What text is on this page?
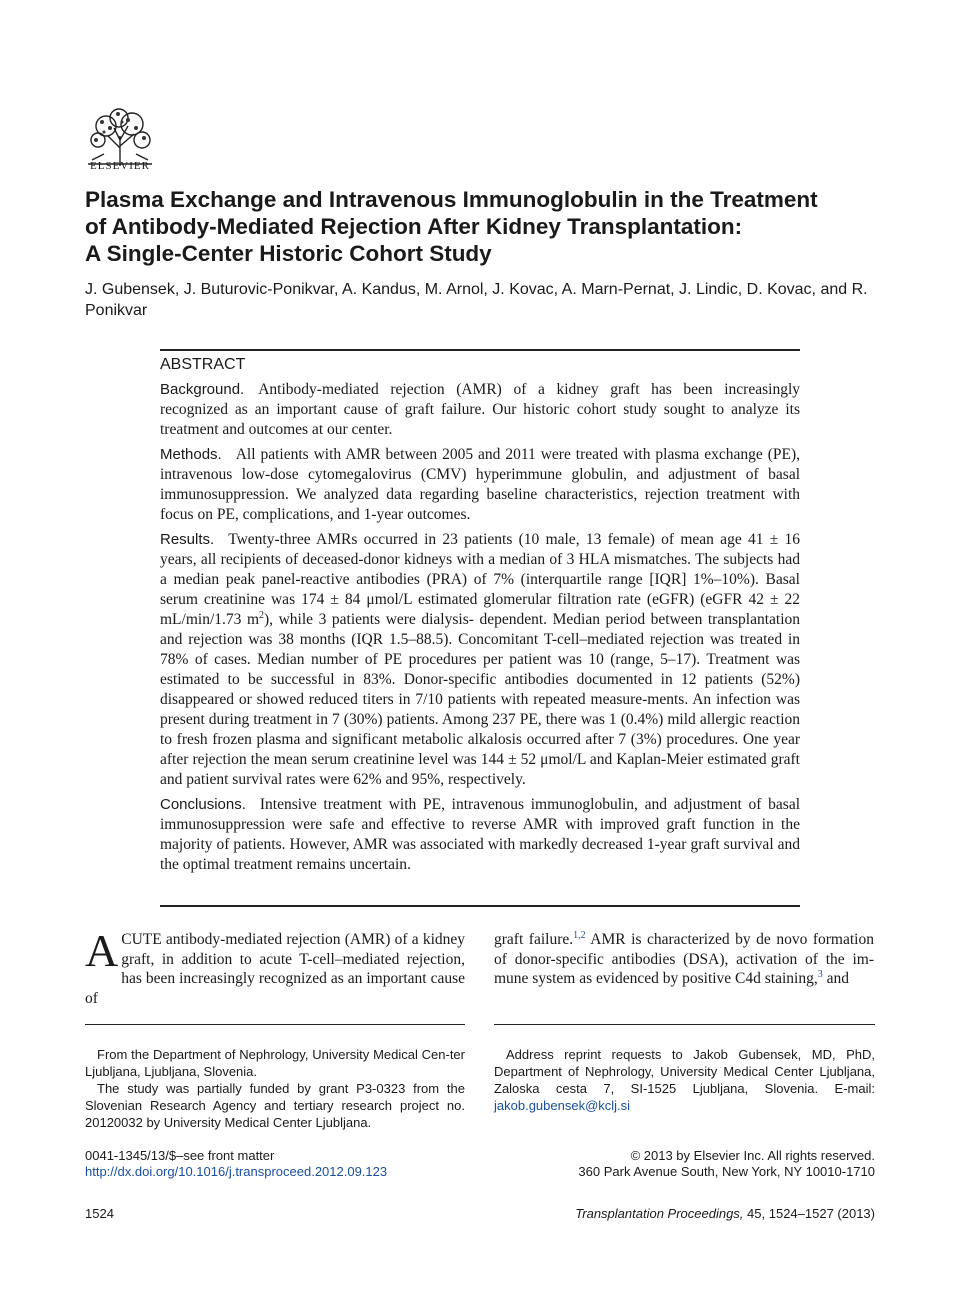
ELSEVIER
Plasma Exchange and Intravenous Immunoglobulin in the Treatment
of Antibody-Mediated Rejection After Kidney Transplantation:
A Single-Center Historic Cohort Study
J. Gubensek, J. Buturovic-Ponikvar, A. Kandus, M. Arnol, J. Kovac, A. Marn-Pernat, J. Lindic, D. Kovac, and R. Ponikvar
ABSTRACT

Background. Antibody-mediated rejection (AMR) of a kidney graft has been increasingly recognized as an important cause of graft failure. Our historic cohort study sought to analyze its treatment and outcomes at our center.

Methods. All patients with AMR between 2005 and 2011 were treated with plasma exchange (PE), intravenous low-dose cytomegalovirus (CMV) hyperimmune globulin, and adjustment of basal immunosuppression. We analyzed data regarding baseline characteristics, rejection treatment with focus on PE, complications, and 1-year outcomes.

Results. Twenty-three AMRs occurred in 23 patients (10 male, 13 female) of mean age 41 ± 16 years, all recipients of deceased-donor kidneys with a median of 3 HLA mismatches. The subjects had a median peak panel-reactive antibodies (PRA) of 7% (interquartile range [IQR] 1%–10%). Basal serum creatinine was 174 ± 84 μmol/L estimated glomerular filtration rate (eGFR) (eGFR 42 ± 22 mL/min/1.73 $m^2$), while 3 patients were dialysis- dependent. Median period between transplantation and rejection was 38 months (IQR 1.5–88.5). Concomitant T-cell–mediated rejection was treated in 78% of cases. Median number of PE procedures per patient was 10 (range, 5–17). Treatment was estimated to be successful in 83%. Donor-specific antibodies documented in 12 patients (52%) disappeared or showed reduced titers in 7/10 patients with repeated measure-ments. An infection was present during treatment in 7 (30%) patients. Among 237 PE, there was 1 (0.4%) mild allergic reaction to fresh frozen plasma and significant metabolic alkalosis occurred after 7 (3%) procedures. One year after rejection the mean serum creatinine level was 144 ± 52 μmol/L and Kaplan-Meier estimated graft and patient survival rates were 62% and 95%, respectively.

Conclusions. Intensive treatment with PE, intravenous immunoglobulin, and adjustment of basal immunosuppression were safe and effective to reverse AMR with improved graft function in the majority of patients. However, AMR was associated with markedly decreased 1-year graft survival and the optimal treatment remains uncertain.

ACUTE antibody-mediated rejection (AMR) of a kidney graft, in addition to acute T-cell–mediated rejection, has been increasingly recognized as an important cause of
graft failure.$^{1,2}$ AMR is characterized by de novo formation of donor-specific antibodies (DSA), activation of the im-mune system as evidenced by positive C4d staining,$^3$ and

From the Department of Nephrology, University Medical Cen-ter Ljubljana, Ljubljana, Slovenia.

The study was partially funded by grant P3-0323 from the Slovenian Research Agency and tertiary research project no. 20120032 by University Medical Center Ljubljana.

Address reprint requests to Jakob Gubensek, MD, PhD, Department of Nephrology, University Medical Center Ljubljana, Zaloska cesta 7, SI-1525 Ljubljana, Slovenia. E-mail: jakob.gubensek@kclj.si

0041-1345/13/$–see front matter
http://dx.doi.org/10.1016/j.transproceed.2012.09.123
© 2013 by Elsevier Inc. All rights reserved.
360 Park Avenue South, New York, NY 10010-1710
1524	Transplantation Proceedings, 45, 1524–1527 (2013)
